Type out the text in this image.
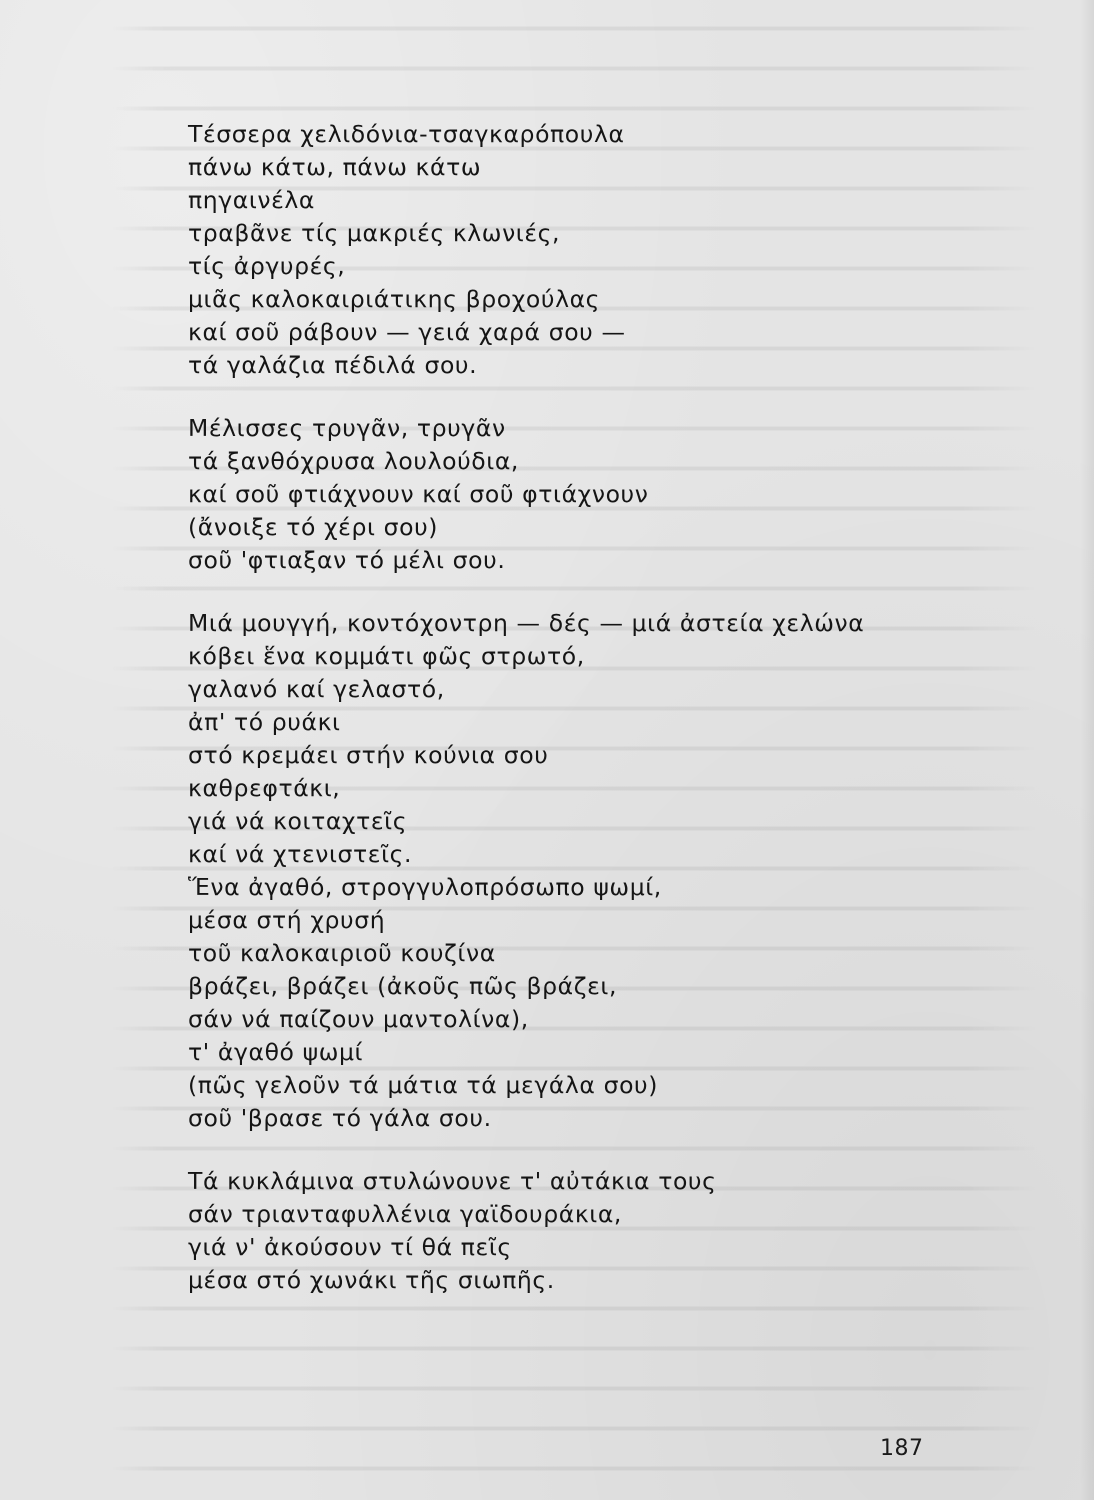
Τέσσερα χελιδόνια-τσαγκαρόπουλα
πάνω κάτω, πάνω κάτω
πηγαινέλα
τραβᾶνε τίς μακριές κλωνιές,
τίς ἀργυρές,
μιᾶς καλοκαιριάτικης βροχούλας
καί σοῦ ράβουν — γειά χαρά σου —
τά γαλάζια πέδιλά σου.
Μέλισσες τρυγᾶν, τρυγᾶν
τά ξανθόχρυσα λουλούδια,
καί σοῦ φτιάχνουν καί σοῦ φτιάχνουν
(ἄνοιξε τό χέρι σου)
σοῦ 'φτιαξαν τό μέλι σου.
Μιά μουγγή, κοντόχοντρη — δές — μιά ἀστεία χελώνα
κόβει ἕνα κομμάτι φῶς στρωτό,
γαλανό καί γελαστό,
ἀπ' τό ρυάκι
στό κρεμάει στήν κούνια σου
καθρεφτάκι,
γιά νά κοιταχτεῖς
καί νά χτενιστεῖς.
Ἕνα ἀγαθό, στρογγυλοπρόσωπο ψωμί,
μέσα στή χρυσή
τοῦ καλοκαιριοῦ κουζίνα
βράζει, βράζει (ἀκοῦς πῶς βράζει,
σάν νά παίζουν μαντολίνα),
τ' ἀγαθό ψωμί
(πῶς γελοῦν τά μάτια τά μεγάλα σου)
σοῦ 'βρασε τό γάλα σου.
Τά κυκλάμινα στυλώνουνε τ' αὐτάκια τους
σάν τριανταφυλλένια γαϊδουράκια,
γιά ν' ἀκούσουν τί θά πεῖς
μέσα στό χωνάκι τῆς σιωπῆς.
187
